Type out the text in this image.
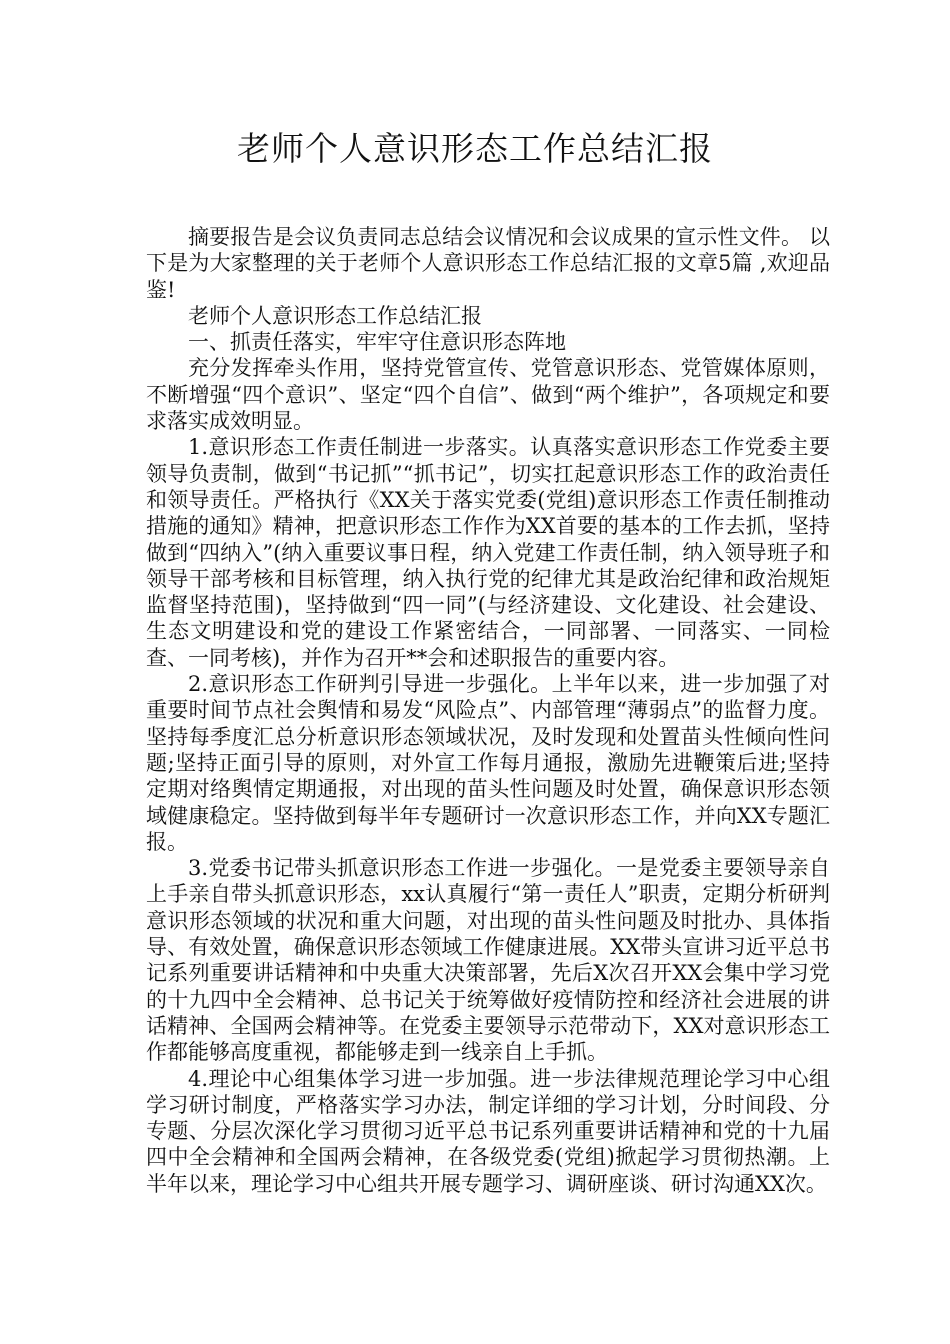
老师个人意识形态工作总结汇报

摘要报告是会议负责同志总结会议情况和会议成果的宣示性文件。 以下是为大家整理的关于老师个人意识形态工作总结汇报的文章5篇 ,欢迎品鉴!

老师个人意识形态工作总结汇报

一、抓责任落实，牢牢守住意识形态阵地

充分发挥牵头作用，坚持党管宣传、党管意识形态、党管媒体原则，不断增强“四个意识”、坚定“四个自信”、做到“两个维护”，各项规定和要求落实成效明显。

1.意识形态工作责任制进一步落实。认真落实意识形态工作党委主要领导负责制，做到“书记抓”“抓书记”，切实扛起意识形态工作的政治责任和领导责任。严格执行《XX关于落实党委(党组)意识形态工作责任制推动措施的通知》精神，把意识形态工作作为XX首要的基本的工作去抓，坚持做到“四纳入”(纳入重要议事日程，纳入党建工作责任制，纳入领导班子和领导干部考核和目标管理，纳入执行党的纪律尤其是政治纪律和政治规矩监督坚持范围)，坚持做到“四一同”(与经济建设、文化建设、社会建设、生态文明建设和党的建设工作紧密结合，一同部署、一同落实、一同检查、一同考核)，并作为召开**会和述职报告的重要内容。

2.意识形态工作研判引导进一步强化。上半年以来，进一步加强了对重要时间节点社会舆情和易发“风险点”、内部管理“薄弱点”的监督力度。坚持每季度汇总分析意识形态领域状况，及时发现和处置苗头性倾向性问题;坚持正面引导的原则，对外宣工作每月通报，激励先进鞭策后进;坚持定期对络舆情定期通报，对出现的苗头性问题及时处置，确保意识形态领域健康稳定。坚持做到每半年专题研讨一次意识形态工作，并向XX专题汇报。

3.党委书记带头抓意识形态工作进一步强化。一是党委主要领导亲自上手亲自带头抓意识形态，xx认真履行“第一责任人”职责，定期分析研判意识形态领域的状况和重大问题，对出现的苗头性问题及时批办、具体指导、有效处置，确保意识形态领域工作健康进展。XX带头宣讲习近平总书记系列重要讲话精神和中央重大决策部署，先后X次召开XX会集中学习党的十九四中全会精神、总书记关于统筹做好疫情防控和经济社会进展的讲话精神、全国两会精神等。在党委主要领导示范带动下，XX对意识形态工作都能够高度重视，都能够走到一线亲自上手抓。

4.理论中心组集体学习进一步加强。进一步法律规范理论学习中心组学习研讨制度，严格落实学习办法，制定详细的学习计划，分时间段、分专题、分层次深化学习贯彻习近平总书记系列重要讲话精神和党的十九届四中全会精神和全国两会精神，在各级党委(党组)掀起学习贯彻热潮。上半年以来，理论学习中心组共开展专题学习、调研座谈、研讨沟通XX次。
